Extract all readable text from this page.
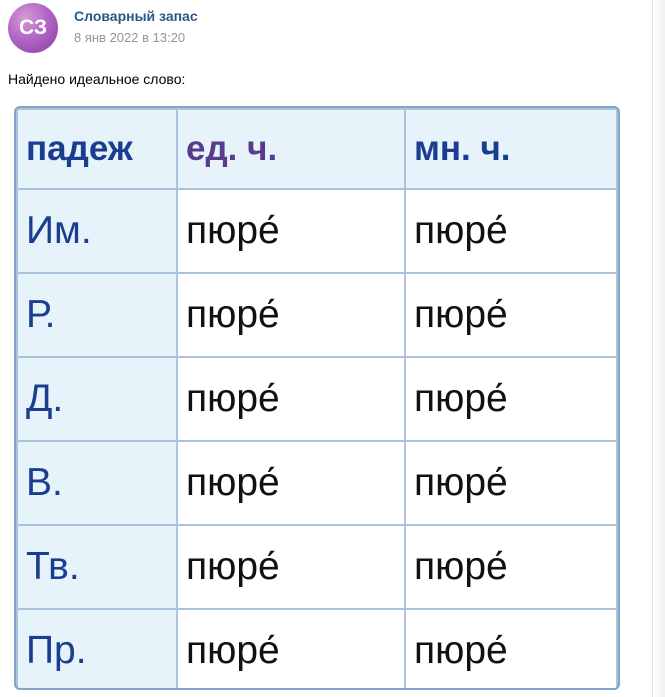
СЗ	Словарный запас
8 янв 2022 в 13:20
Найдено идеальное слово:
падеж	ед. ч.	мн. ч.
Им.	пюре́	пюре́
Р.	пюре́	пюре́
Д.	пюре́	пюре́
В.	пюре́	пюре́
Тв.	пюре́	пюре́
Пр.	пюре́	пюре́
